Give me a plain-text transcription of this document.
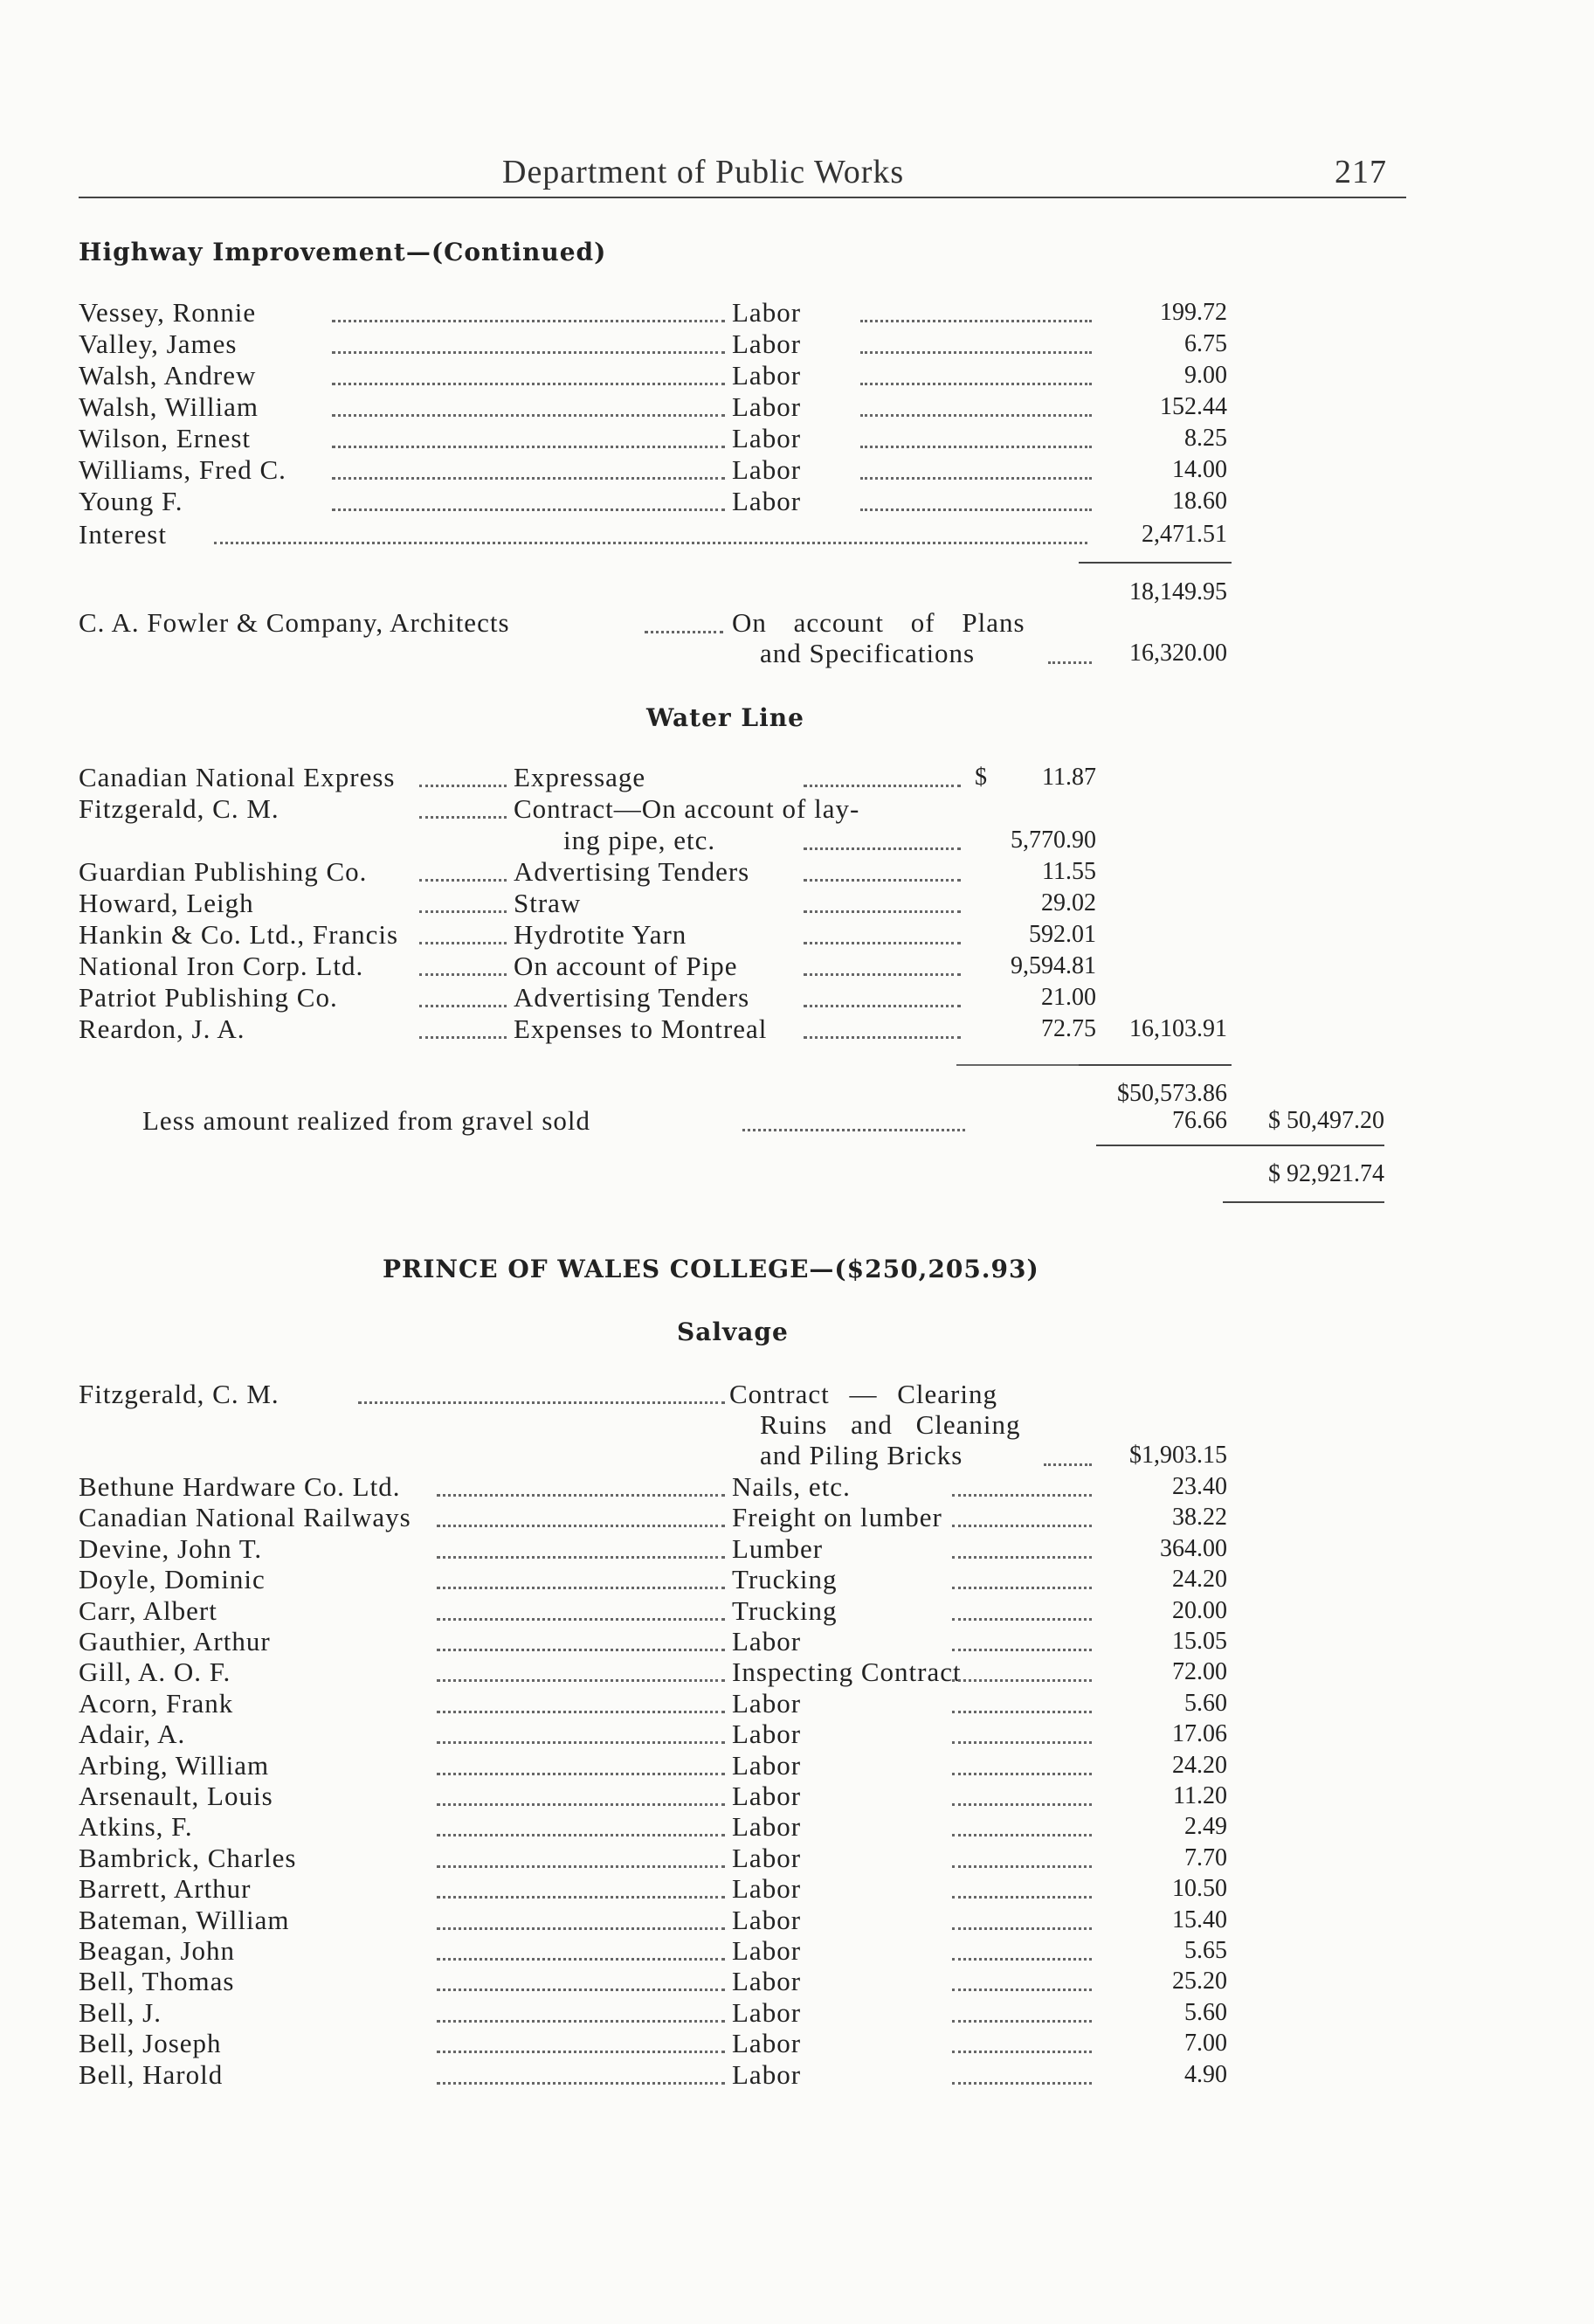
Department of Public Works	217
Highway Improvement—(Continued)
Vessey, Ronnie	Labor	199.72
Valley, James	Labor	6.75
Walsh, Andrew	Labor	9.00
Walsh, William	Labor	152.44
Wilson, Ernest	Labor	8.25
Williams, Fred C.	Labor	14.00
Young F.	Labor	18.60
Interest	2,471.51
18,149.95
C. A. Fowler & Company, Architects	On account of Plans
and Specifications	16,320.00
Water Line
Canadian National Express	Expressage	11.87
$
Fitzgerald, C. M.	Contract—On account of lay-
ing pipe, etc.	5,770.90
Guardian Publishing Co.	Advertising Tenders	11.55
Howard, Leigh	Straw	29.02
Hankin & Co. Ltd., Francis	Hydrotite Yarn	592.01
National Iron Corp. Ltd.	On account of Pipe	9,594.81
Patriot Publishing Co.	Advertising Tenders	21.00
Reardon, J. A.	Expenses to Montreal	72.75	16,103.91
$50,573.86
Less amount realized from gravel sold	76.66	$ 50,497.20
$ 92,921.74
PRINCE OF WALES COLLEGE—($250,205.93)
Salvage
Fitzgerald, C. M.	Contract — Clearing
Ruins and Cleaning
and Piling Bricks	$1,903.15
Bethune Hardware Co. Ltd.	Nails, etc.	23.40
Canadian National Railways	Freight on lumber	38.22
Devine, John T.	Lumber	364.00
Doyle, Dominic	Trucking	24.20
Carr, Albert	Trucking	20.00
Gauthier, Arthur	Labor	15.05
Gill, A. O. F.	Inspecting Contract	72.00
Acorn, Frank	Labor	5.60
Adair, A.	Labor	17.06
Arbing, William	Labor	24.20
Arsenault, Louis	Labor	11.20
Atkins, F.	Labor	2.49
Bambrick, Charles	Labor	7.70
Barrett, Arthur	Labor	10.50
Bateman, William	Labor	15.40
Beagan, John	Labor	5.65
Bell, Thomas	Labor	25.20
Bell, J.	Labor	5.60
Bell, Joseph	Labor	7.00
Bell, Harold	Labor	4.90
